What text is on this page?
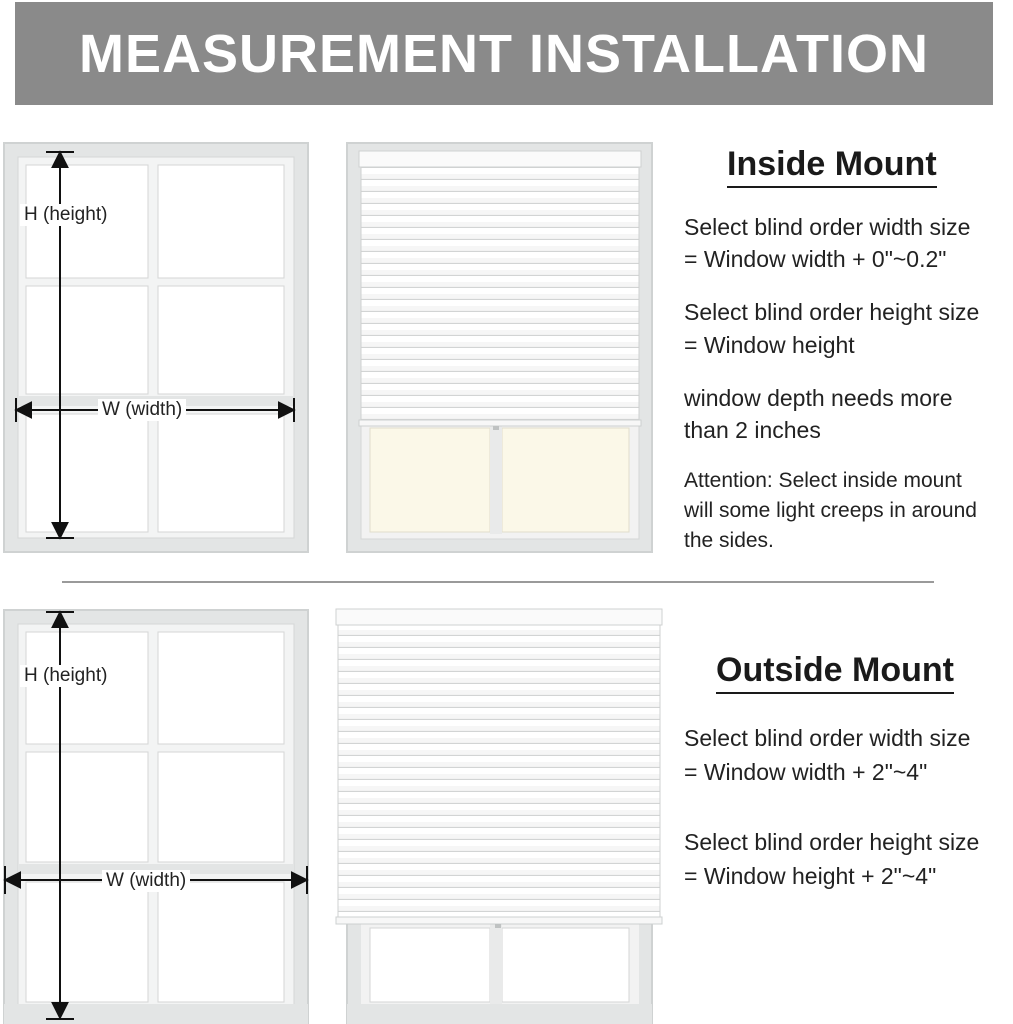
MEASUREMENT INSTALLATION
H (height)
W (width)
H (height)
W (width)
Inside Mount
Select blind order width size
= Window width + 0"~0.2"
Select blind order height size
= Window height
window depth needs more
than 2 inches
Attention: Select inside mount
will some light creeps in around
the sides.
Outside Mount
Select blind order width size
= Window width + 2"~4"
Select blind order height size
= Window height + 2"~4"
